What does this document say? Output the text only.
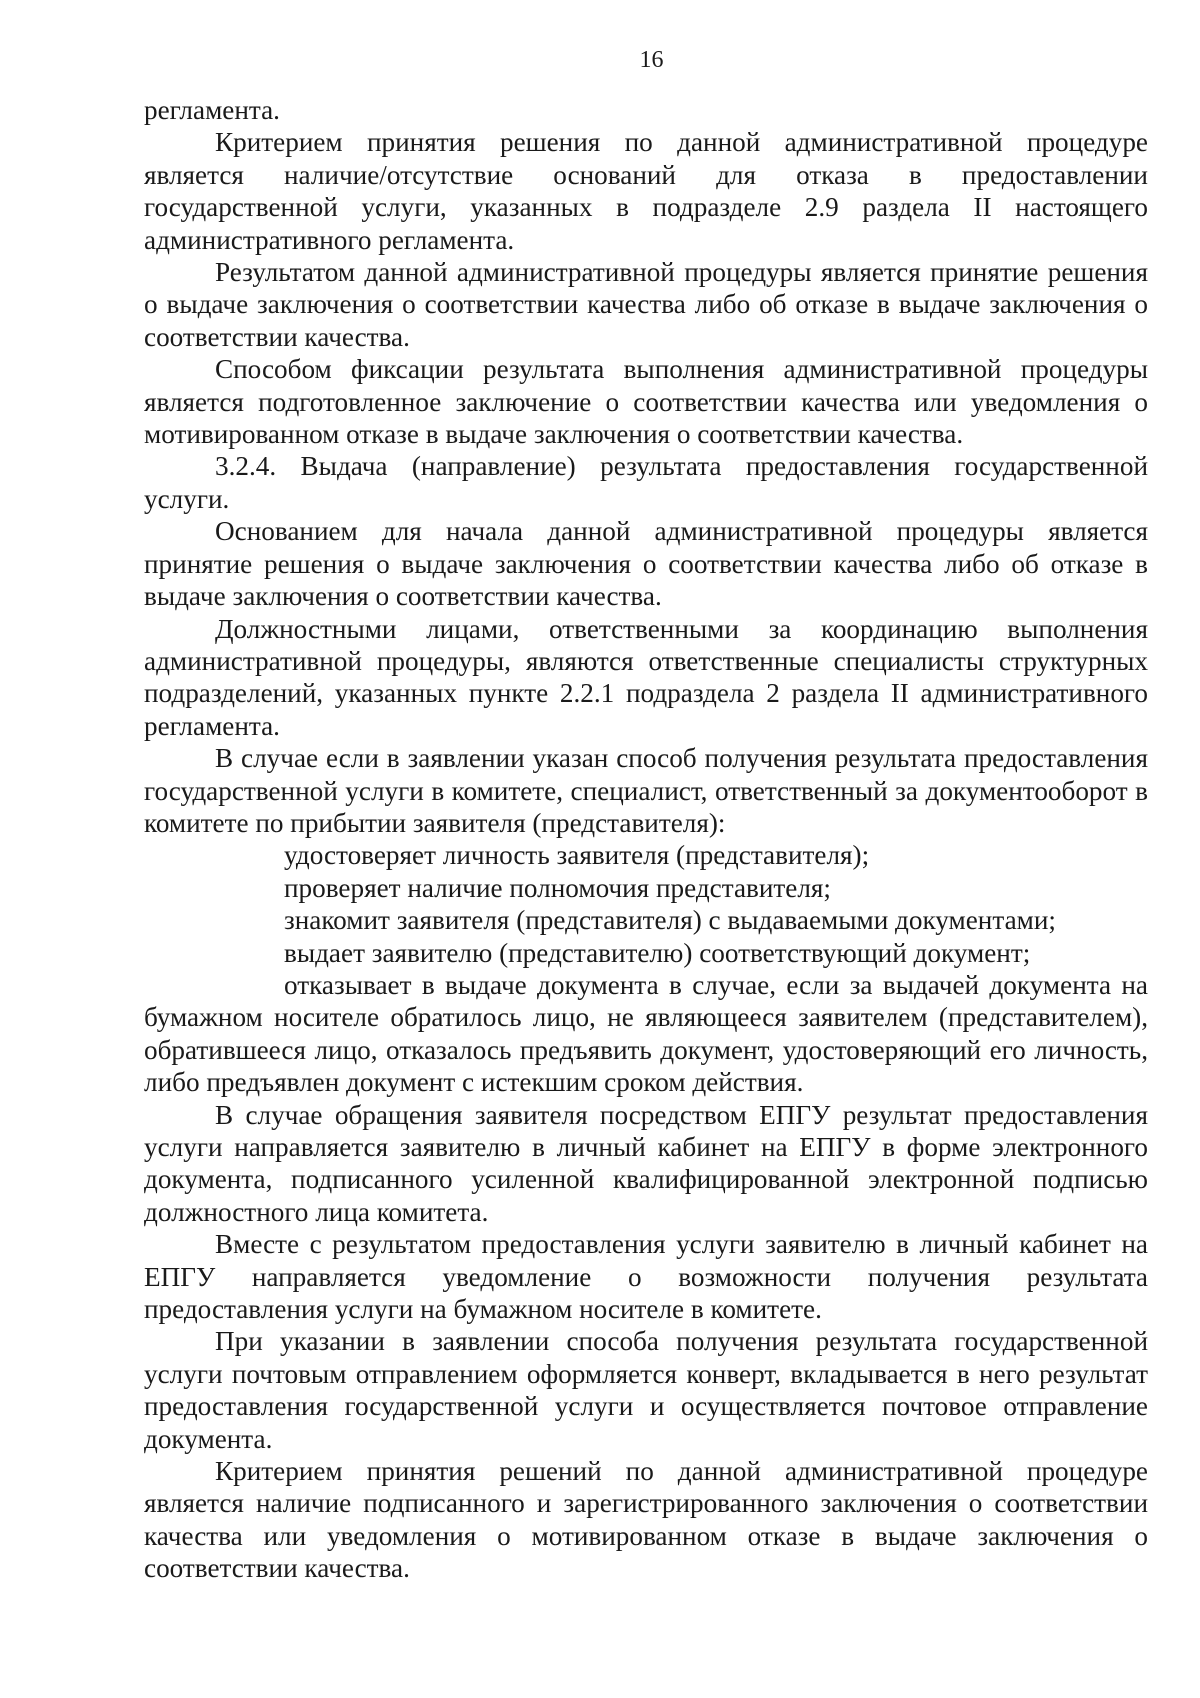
16

регламента.

Критерием принятия решения по данной административной процедуре является наличие/отсутствие оснований для отказа в предоставлении государственной услуги, указанных в подразделе 2.9 раздела II настоящего административного регламента.

Результатом данной административной процедуры является принятие решения о выдаче заключения о соответствии качества либо об отказе в выдаче заключения о соответствии качества.

Способом фиксации результата выполнения административной процедуры является подготовленное заключение о соответствии качества или уведомления о мотивированном отказе в выдаче заключения о соответствии качества.

3.2.4. Выдача (направление) результата предоставления государственной услуги.

Основанием для начала данной административной процедуры является принятие решения о выдаче заключения о соответствии качества либо об отказе в выдаче заключения о соответствии качества.

Должностными лицами, ответственными за координацию выполнения административной процедуры, являются ответственные специалисты структурных подразделений, указанных пункте 2.2.1 подраздела 2 раздела II административного регламента.

В случае если в заявлении указан способ получения результата предоставления государственной услуги в комитете, специалист, ответственный за документооборот в комитете по прибытии заявителя (представителя):

удостоверяет личность заявителя (представителя);

проверяет наличие полномочия представителя;

знакомит заявителя (представителя) с выдаваемыми документами;

выдает заявителю (представителю) соответствующий документ;

отказывает в выдаче документа в случае, если за выдачей документа на бумажном носителе обратилось лицо, не являющееся заявителем (представителем), обратившееся лицо, отказалось предъявить документ, удостоверяющий его личность, либо предъявлен документ с истекшим сроком действия.

В случае обращения заявителя посредством ЕПГУ результат предоставления услуги направляется заявителю в личный кабинет на ЕПГУ в форме электронного документа, подписанного усиленной квалифицированной электронной подписью должностного лица комитета.

Вместе с результатом предоставления услуги заявителю в личный кабинет на ЕПГУ направляется уведомление о возможности получения результата предоставления услуги на бумажном носителе в комитете.

При указании в заявлении способа получения результата государственной услуги почтовым отправлением оформляется конверт, вкладывается в него результат предоставления государственной услуги и осуществляется почтовое отправление документа.

Критерием принятия решений по данной административной процедуре является наличие подписанного и зарегистрированного заключения о соответствии качества или уведомления о мотивированном отказе в выдаче заключения о соответствии качества.
